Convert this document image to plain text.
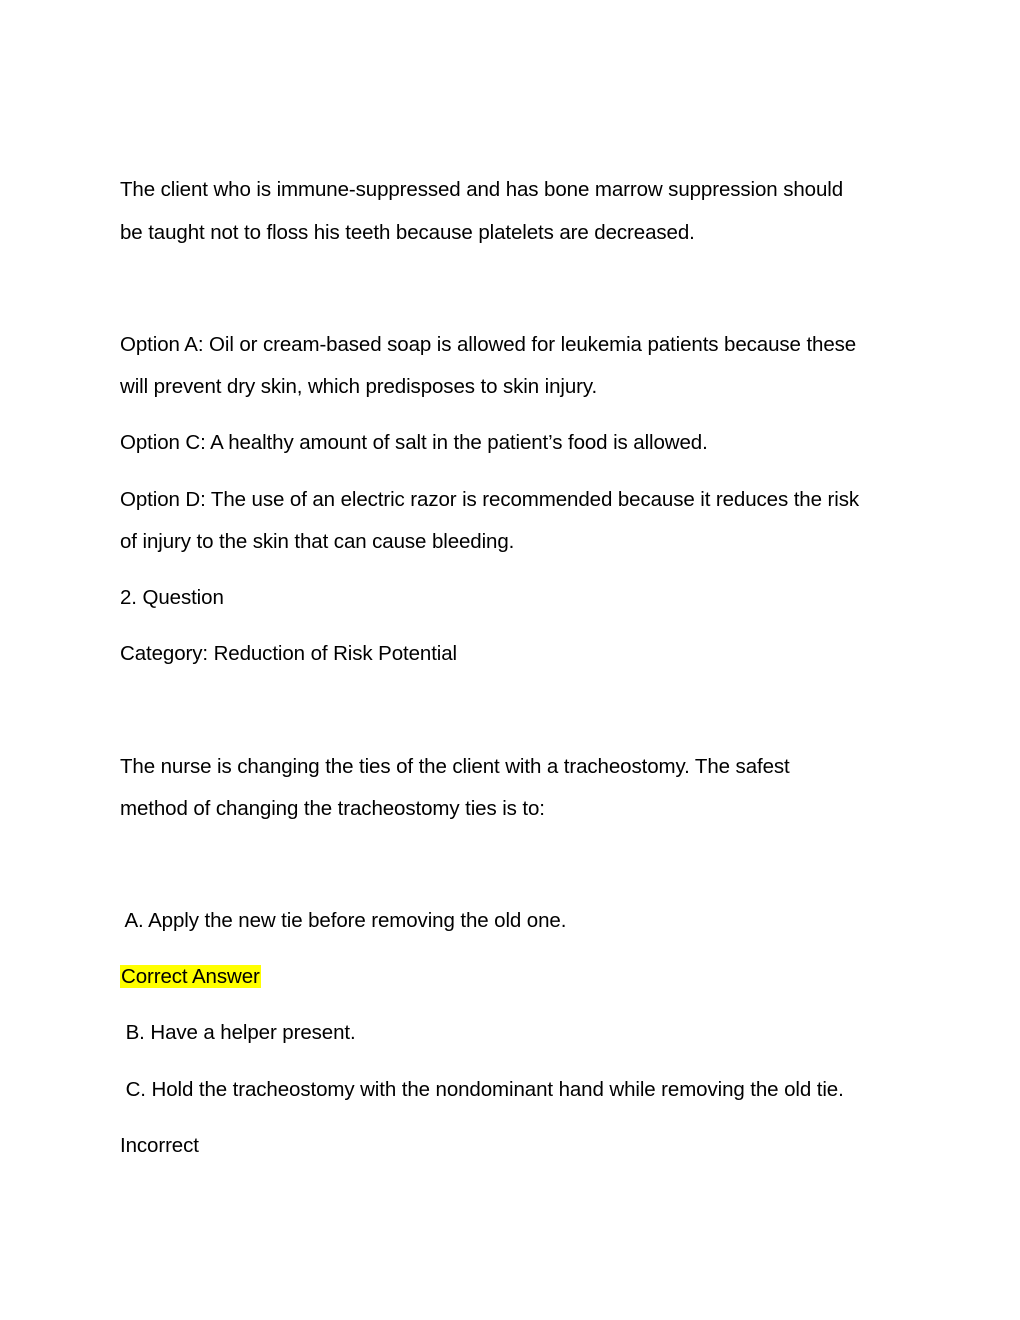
The client who is immune-suppressed and has bone marrow suppression should
be taught not to floss his teeth because platelets are decreased.
Option A: Oil or cream-based soap is allowed for leukemia patients because these
will prevent dry skin, which predisposes to skin injury.
Option C: A healthy amount of salt in the patient’s food is allowed.
Option D: The use of an electric razor is recommended because it reduces the risk
of injury to the skin that can cause bleeding.
2. Question
Category: Reduction of Risk Potential
The nurse is changing the ties of the client with a tracheostomy. The safest
method of changing the tracheostomy ties is to:
A. Apply the new tie before removing the old one.
Correct Answer
B. Have a helper present.
C. Hold the tracheostomy with the nondominant hand while removing the old tie.
Incorrect
